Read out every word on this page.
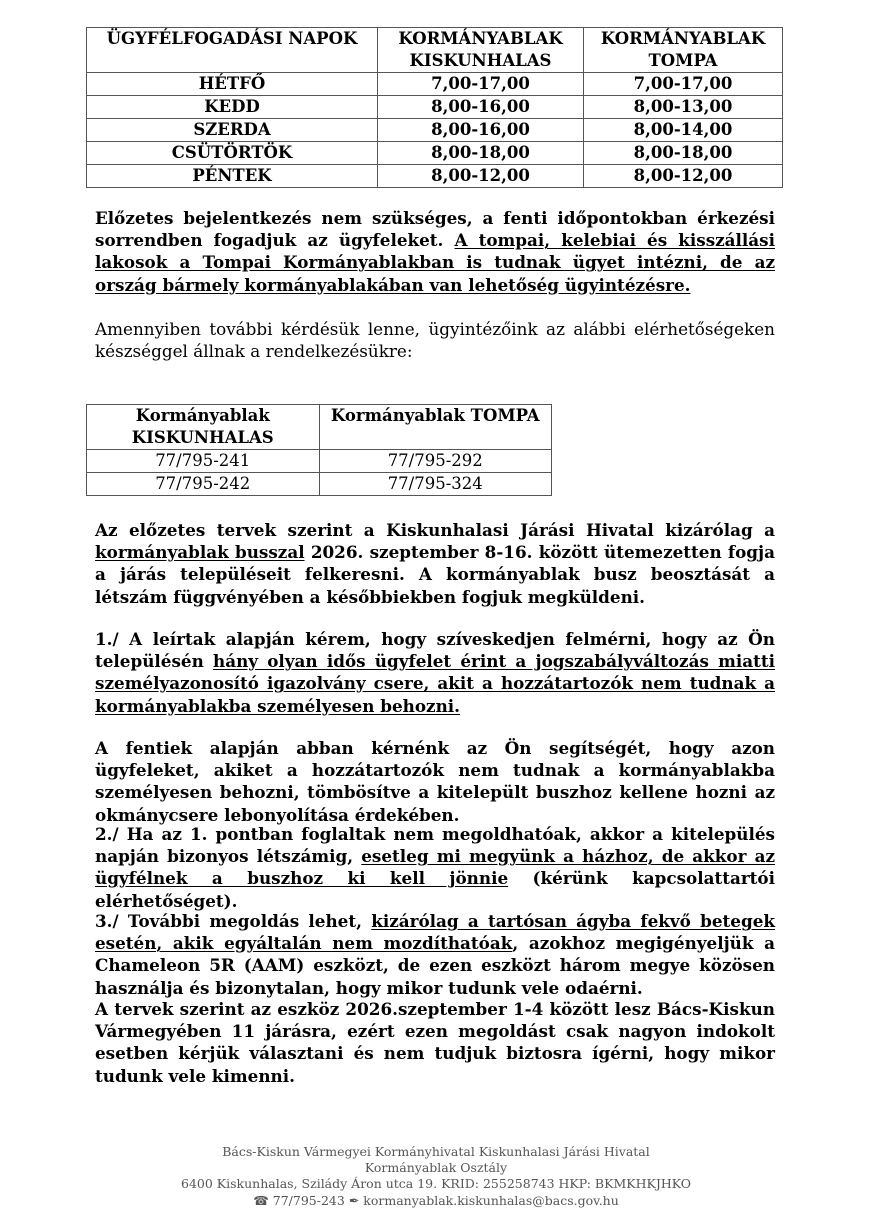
ÜGYFÉLFOGADÁSI NAPOK	KORMÁNYABLAK KISKUNHALAS	KORMÁNYABLAK TOMPA
HÉTFŐ	7,00-17,00	7,00-17,00
KEDD	8,00-16,00	8,00-13,00
SZERDA	8,00-16,00	8,00-14,00
CSÜTÖRTÖK	8,00-18,00	8,00-18,00
PÉNTEK	8,00-12,00	8,00-12,00
Előzetes bejelentkezés nem szükséges, a fenti időpontokban érkezési sorrendben fogadjuk az ügyfeleket. A tompai, kelebiai és kisszállási lakosok a Tompai Kormányablakban is tudnak ügyet intézni, de az ország bármely kormányablakában van lehetőség ügyintézésre.
Amennyiben további kérdésük lenne, ügyintézőink az alábbi elérhetőségeken készséggel állnak a rendelkezésükre:
Kormányablak KISKUNHALAS	Kormányablak TOMPA
77/795-241	77/795-292
77/795-242	77/795-324
Az előzetes tervek szerint a Kiskunhalasi Járási Hivatal kizárólag a kormányablak busszal 2026. szeptember 8-16. között ütemezetten fogja a járás településeit felkeresni. A kormányablak busz beosztását a létszám függvényében a későbbiekben fogjuk megküldeni.
1./ A leírtak alapján kérem, hogy szíveskedjen felmérni, hogy az Ön településén hány olyan idős ügyfelet érint a jogszabályváltozás miatti személyazonosító igazolvány csere, akit a hozzátartozók nem tudnak a kormányablakba személyesen behozni.
A fentiek alapján abban kérnénk az Ön segítségét, hogy azon ügyfeleket, akiket a hozzátartozók nem tudnak a kormányablakba személyesen behozni, tömbösítve a kitelepült buszhoz kellene hozni az okmánycsere lebonyolítása érdekében.
2./ Ha az 1. pontban foglaltak nem megoldhatóak, akkor a kitelepülés napján bizonyos létszámig, esetleg mi megyünk a házhoz, de akkor az ügyfélnek a buszhoz ki kell jönnie (kérünk kapcsolattartói elérhetőséget).
3./ További megoldás lehet, kizárólag a tartósan ágyba fekvő betegek esetén, akik egyáltalán nem mozdíthatóak, azokhoz megigényeljük a Chameleon 5R (AAM) eszközt, de ezen eszközt három megye közösen használja és bizonytalan, hogy mikor tudunk vele odaérni.
A tervek szerint az eszköz 2026.szeptember 1-4 között lesz Bács-Kiskun Vármegyében 11 járásra, ezért ezen megoldást csak nagyon indokolt esetben kérjük választani és nem tudjuk biztosra ígérni, hogy mikor tudunk vele kimenni.
Bács-Kiskun Vármegyei Kormányhivatal Kiskunhalasi Járási Hivatal
Kormányablak Osztály
6400 Kiskunhalas, Szilády Áron utca 19. KRID: 255258743 HKP: BKMKHKJHKO
☎ 77/795-243 ✒ kormanyablak.kiskunhalas@bacs.gov.hu
